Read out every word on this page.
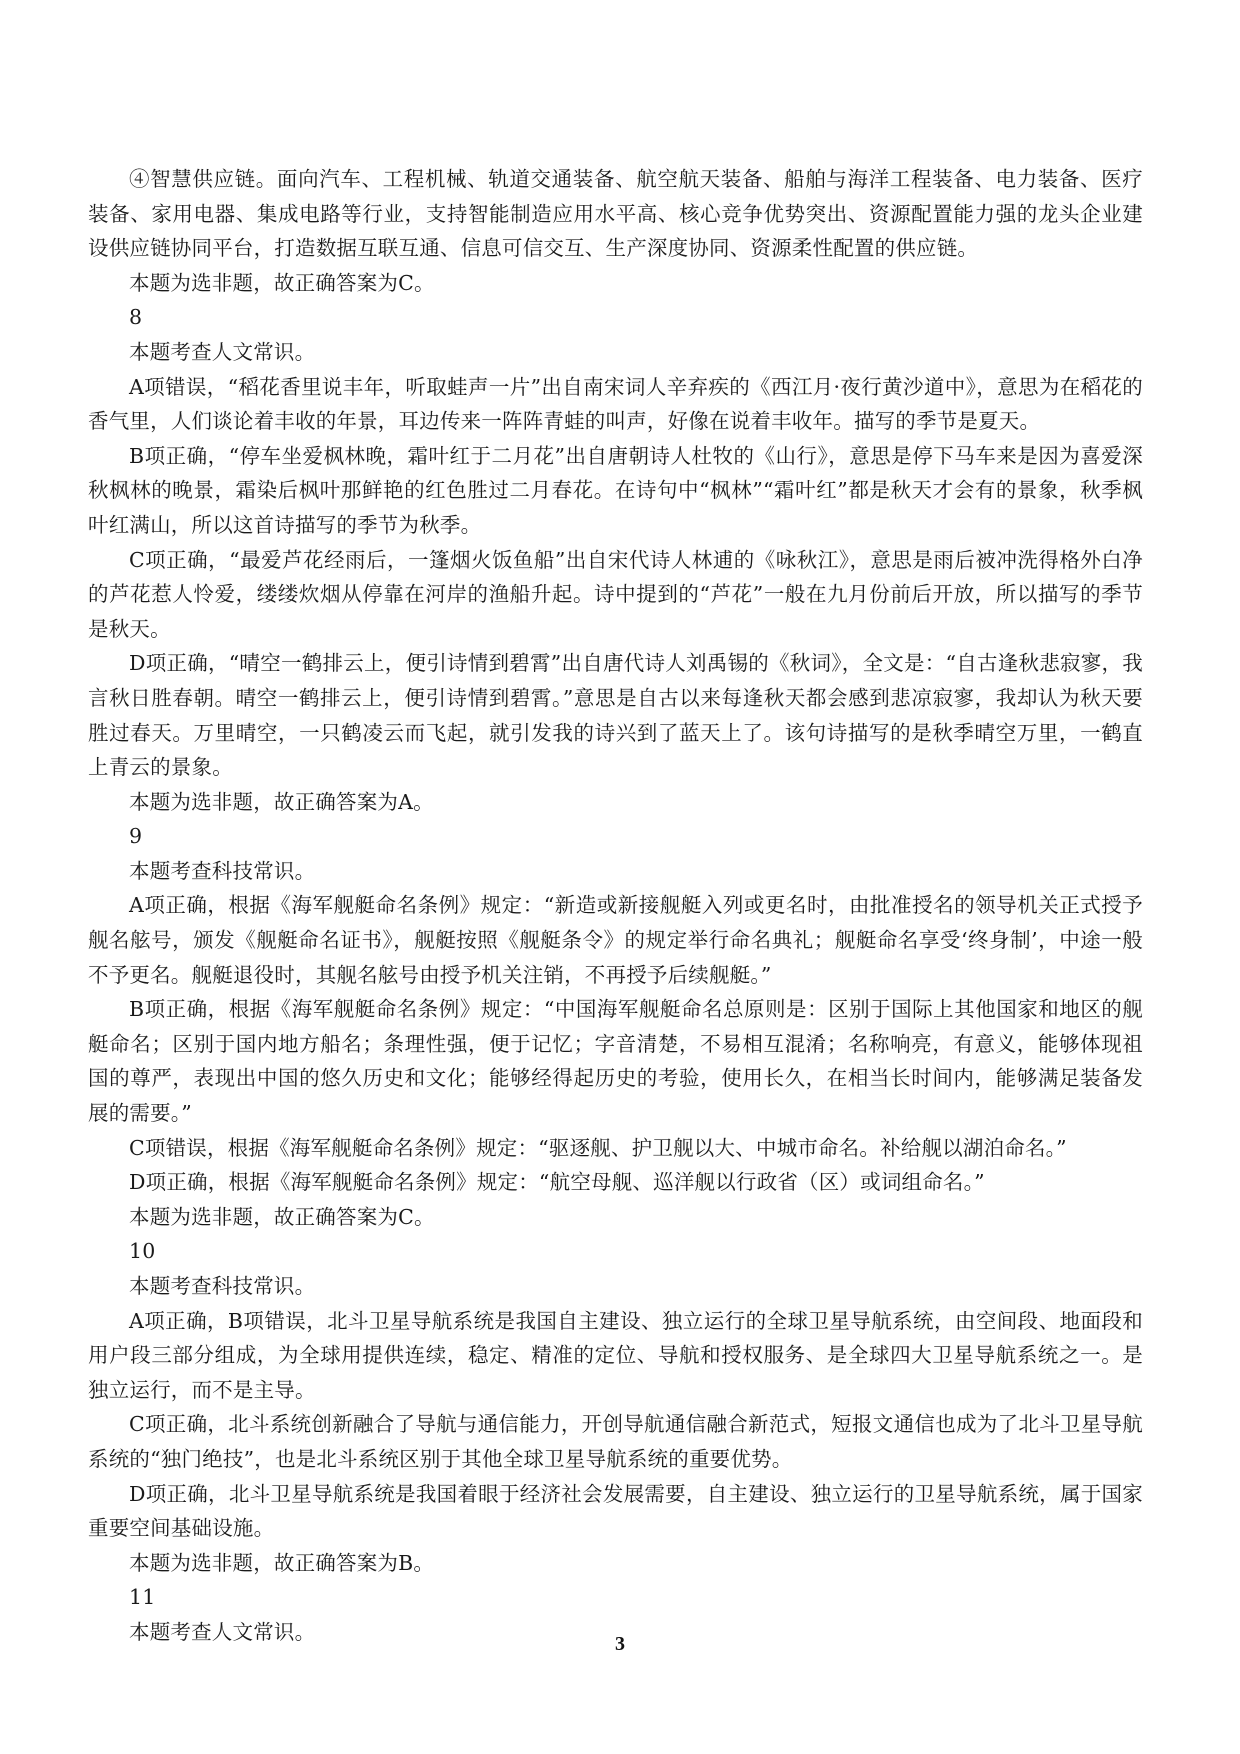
④智慧供应链。面向汽车、工程机械、轨道交通装备、航空航天装备、船舶与海洋工程装备、电力装备、医疗装备、家用电器、集成电路等行业，支持智能制造应用水平高、核心竞争优势突出、资源配置能力强的龙头企业建设供应链协同平台，打造数据互联互通、信息可信交互、生产深度协同、资源柔性配置的供应链。

本题为选非题，故正确答案为C。

8

本题考查人文常识。

A项错误，“稻花香里说丰年，听取蛙声一片”出自南宋词人辛弃疾的《西江月·夜行黄沙道中》，意思为在稻花的香气里，人们谈论着丰收的年景，耳边传来一阵阵青蛙的叫声，好像在说着丰收年。描写的季节是夏天。

B项正确，“停车坐爱枫林晚，霜叶红于二月花”出自唐朝诗人杜牧的《山行》，意思是停下马车来是因为喜爱深秋枫林的晚景，霜染后枫叶那鲜艳的红色胜过二月春花。在诗句中“枫林”“霜叶红”都是秋天才会有的景象，秋季枫叶红满山，所以这首诗描写的季节为秋季。

C项正确，“最爱芦花经雨后，一篷烟火饭鱼船”出自宋代诗人林逋的《咏秋江》，意思是雨后被冲洗得格外白净的芦花惹人怜爱，缕缕炊烟从停靠在河岸的渔船升起。诗中提到的“芦花”一般在九月份前后开放，所以描写的季节是秋天。

D项正确，“晴空一鹤排云上，便引诗情到碧霄”出自唐代诗人刘禹锡的《秋词》，全文是：“自古逢秋悲寂寥，我言秋日胜春朝。晴空一鹤排云上，便引诗情到碧霄。”意思是自古以来每逢秋天都会感到悲凉寂寥，我却认为秋天要胜过春天。万里晴空，一只鹤凌云而飞起，就引发我的诗兴到了蓝天上了。该句诗描写的是秋季晴空万里，一鹤直上青云的景象。

本题为选非题，故正确答案为A。

9

本题考查科技常识。

A项正确，根据《海军舰艇命名条例》规定：“新造或新接舰艇入列或更名时，由批准授名的领导机关正式授予舰名舷号，颁发《舰艇命名证书》，舰艇按照《舰艇条令》的规定举行命名典礼；舰艇命名享受‘终身制’，中途一般不予更名。舰艇退役时，其舰名舷号由授予机关注销，不再授予后续舰艇。”

B项正确，根据《海军舰艇命名条例》规定：“中国海军舰艇命名总原则是：区别于国际上其他国家和地区的舰艇命名；区别于国内地方船名；条理性强，便于记忆；字音清楚，不易相互混淆；名称响亮，有意义，能够体现祖国的尊严，表现出中国的悠久历史和文化；能够经得起历史的考验，使用长久，在相当长时间内，能够满足装备发展的需要。”

C项错误，根据《海军舰艇命名条例》规定：“驱逐舰、护卫舰以大、中城市命名。补给舰以湖泊命名。”

D项正确，根据《海军舰艇命名条例》规定：“航空母舰、巡洋舰以行政省（区）或词组命名。”

本题为选非题，故正确答案为C。

10

本题考查科技常识。

A项正确，B项错误，北斗卫星导航系统是我国自主建设、独立运行的全球卫星导航系统，由空间段、地面段和用户段三部分组成，为全球用提供连续，稳定、精准的定位、导航和授权服务、是全球四大卫星导航系统之一。是独立运行，而不是主导。

C项正确，北斗系统创新融合了导航与通信能力，开创导航通信融合新范式，短报文通信也成为了北斗卫星导航系统的“独门绝技”，也是北斗系统区别于其他全球卫星导航系统的重要优势。

D项正确，北斗卫星导航系统是我国着眼于经济社会发展需要，自主建设、独立运行的卫星导航系统，属于国家重要空间基础设施。

本题为选非题，故正确答案为B。

11

本题考查人文常识。

3
